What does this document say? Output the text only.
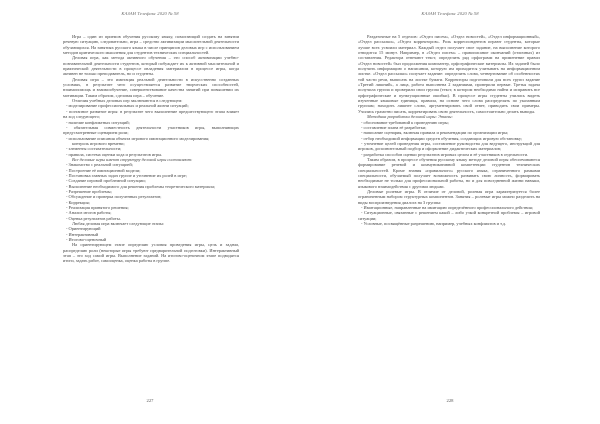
КАЗАН Телефакс 2020 № 58

Игра – один из приемов обучения русскому языку, помогающий создать на занятии речевую ситуацию, следовательно, игра – средство активизации мыслительной деятельности обучающихся. На занятиях русского языка в числе принципов деловых игр с использованием методов критического мышления для студентов технических специальностей.

Деловая игра, как метода активного обучения – это способ активизации учебно-познавательной деятельности студентов, который побуждает их к активной мыслительной и практической деятельности в процессе овладения материалом в процессе игры, когда активен не только преподаватель, но и студенты.

Деловая игра – это имитация реальной деятельности в искусственно созданных условиях, в результате чего осуществляется развитие творческих способностей, взаимопомощь и взаимообучение, совершенствование качества занятий при повышении их мотивации. Таким образом, сделовая игра – обучение.

Отличия учебных деловых игр заключаются в следующем:

- моделирование профессиональных и реальной жизни ситуаций;

- поэтапное развитие игры: в результате чего выполнение предшествующего этапа влияет на ход следующего;

- наличие конфликтных ситуаций;

- обязательная совместность деятельности участников игры, выполняющих предусмотренные сценарием роли;

- использование описания объекта игрового имитационного моделирования;

контроль игрового времени;

- элементы состязательности;

- правила, система оценки хода и результатов игры.

Все деловые игры имеют структуру деловой игры составляют:

- Знакомство с реальной ситуацией;

- Построение её имитационной модели;

- Постановка главных задач группе и уточнение их ролей в игре;

- Создание игровой проблемной ситуации;

- Выполнение необходимого для решения проблемы теоретического материала;

- Разрешение проблемы;

- Обсуждение и проверка полученных результатов;

- Коррекция;

- Реализация принятого решения;

- Анализ итогов работы;

- Оценка результатов работы.

Любая деловая игра включает следующие этапы:

- Ориентирующий

- Интерактивный

- Итогово-оценочный

На ориентирующем этапе определяю условия проведения игры, цель и задачи, распределяю роли (некоторые игры требуют предварительной подготовки). Интерактивный этап – это ход самой игры. Выполнение заданий. На итогово-оценочном этапе подводятся итоги, задать работ, самооценка, оценка работы в группе.

227
КАЗАН Телефакс 2020 № 58

Раздаточные на 5 отделов: «Отдел писем», «Отдел новостей», «Отдел информационный», «Отдел рассылки», «Отдел корректоров». Роль корреспондентов играют студенты, которые лучше всех усвоили материал. Каждый отдел получает свое задание, на выполнение которого отводится 15 минут. Например, в «Отдел писем» – правописание окончаний (отличных) из составления. Редактора отвечают текст, определить ряд орфограмм на применение правил «Отдел новостей» был продолжения компьютер, орфографические материалы. Их задачей было получить информацию о написании, которую им приходится учитывать на информационном листке. «Отдел рассылки» получает задание: определить слова, четвертование об особенностях той части речи, выписать на листке бумаги. Корректоры подготовили для всех групп задание «Третий лишний», а лица, работа выполнена 2 заданиями, проверили первые. Третья задача получила группа и проверили свои группа (текст, в котором необходимо найти и исправить все орфографические и пунктуационные ошибки). В процессе игры студенты учились видеть изученные языковые единицы, правила, на основе чего слова распределять по указанным группам; находить лишнее слово, аргументировать свой ответ, приводить свои примеры. Учились грамотно писать, корректировать свою деятельность, самостоятельно делать выводы.

Методика разработки деловой игры: Этапы:

- обоснование требований к проведению игры;

- составление плана её разработки;

- написание сценария, включая правила и рекомендации по организации игры;

- отбор необходимой информации средств обучения, создающих игровую обстановку;

- уточнение целей проведения игры, составление руководства для ведущего, инструкций для игроков, дополнительный подбор и оформление дидактических материалов;

- разработка способов оценки результатов игровых целом и её участников в отдельности.

Таким образом, в процессе обучения русскому языку методе деловой игры обеспечиваются формирование речевой и коммуникативной компетенции студентов технических специальностей. Кроме знания «правильного» русского языка, ограниченного рамками специальности, обучаемый получает возможность развивать свою личность, формировать необходимые не только для профессиональной работы, но и для повседневной жизни навыки, языкового взаимодействия с другими людьми.

Деловые ролевые игры. В отличие от деловой, ролевая игра характеризуется более ограниченным набором структурных компонентов. Занятия – ролевые игры можно разделить на виды воспроизведения диалога на 3 группы:

- Имитационные, направленные на имитацию определённого профессионального действия;

- Ситуационные, связанные с решением какой – либо узкой конкретной проблемы – игровой ситуации;

- Условные, посвящённые разрешению, например, учебных конфликтов и т.д.

228
